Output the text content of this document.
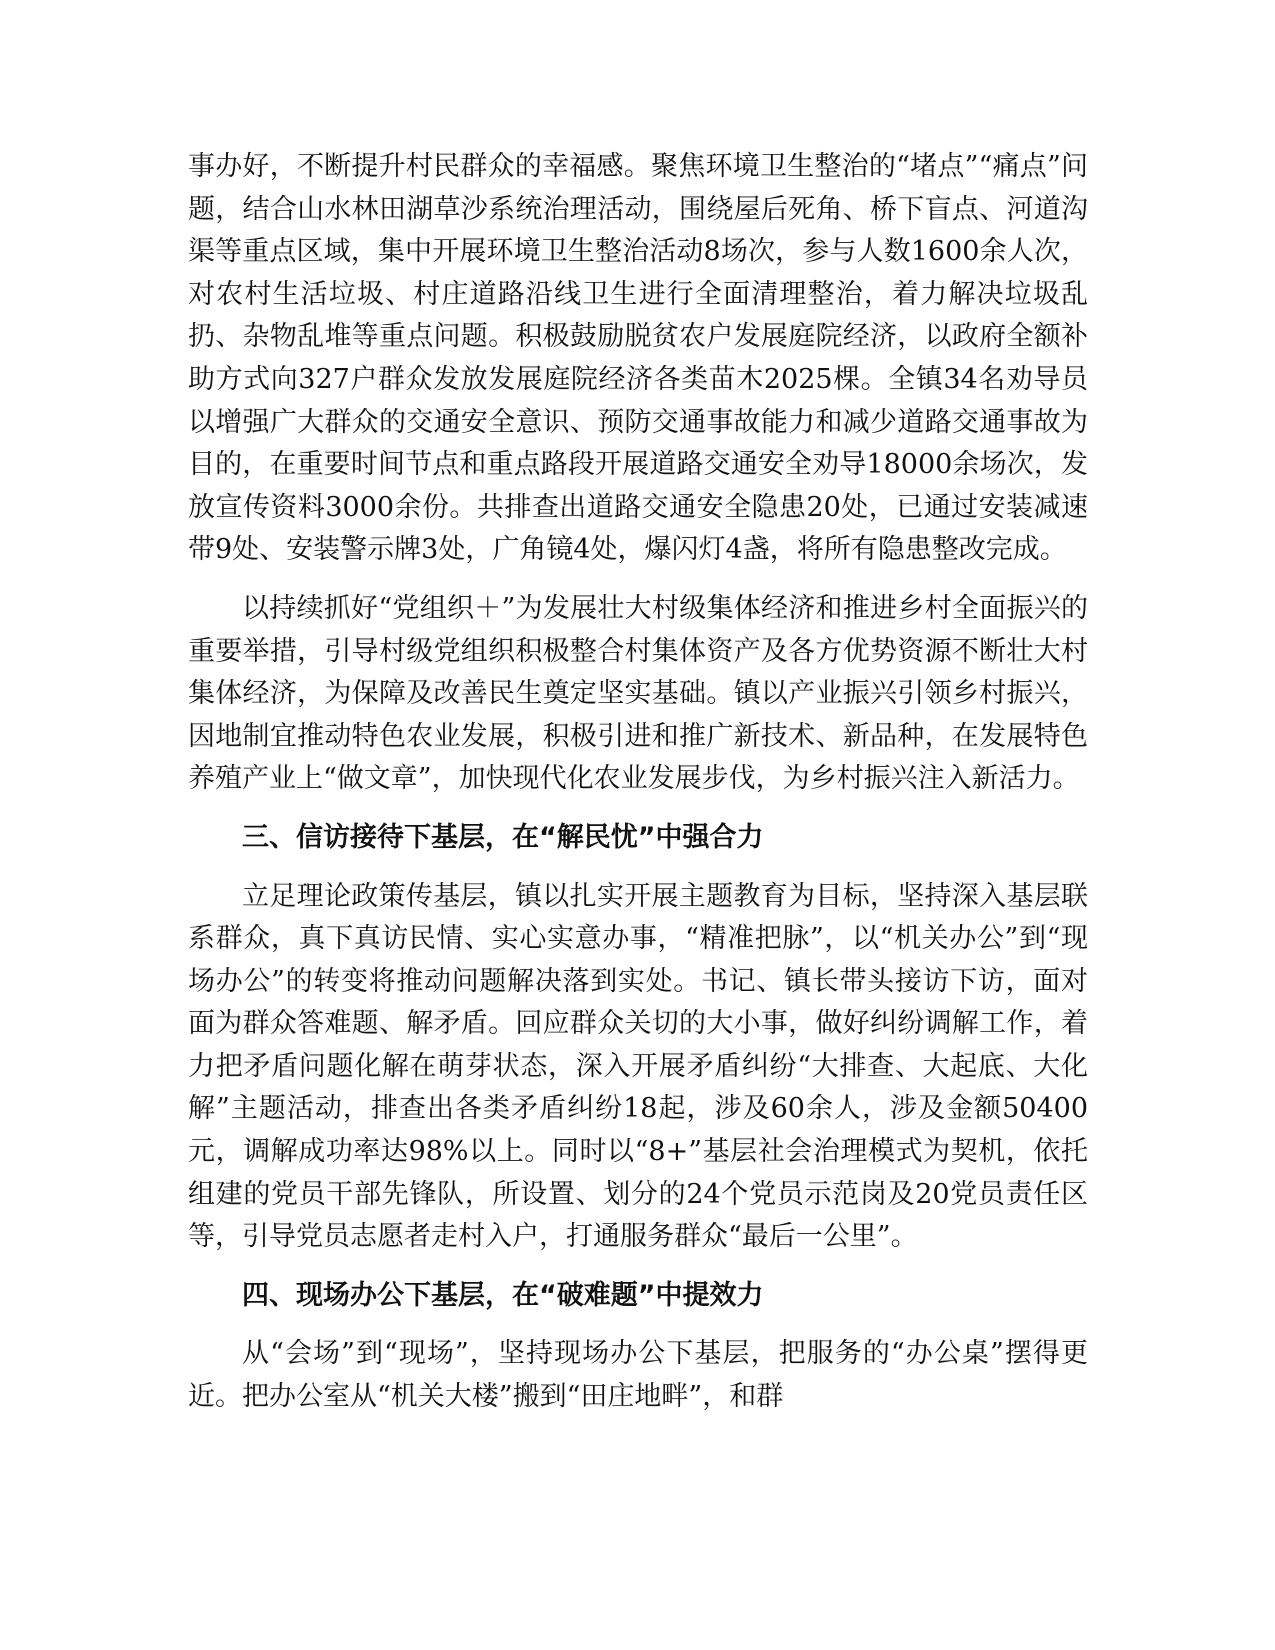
事办好，不断提升村民群众的幸福感。聚焦环境卫生整治的“堵点”“痛点”问题，结合山水林田湖草沙系统治理活动，围绕屋后死角、桥下盲点、河道沟渠等重点区域，集中开展环境卫生整治活动8场次，参与人数1600余人次，对农村生活垃圾、村庄道路沿线卫生进行全面清理整治，着力解决垃圾乱扔、杂物乱堆等重点问题。积极鼓励脱贫农户发展庭院经济，以政府全额补助方式向327户群众发放发展庭院经济各类苗木2025棵。全镇34名劝导员以增强广大群众的交通安全意识、预防交通事故能力和减少道路交通事故为目的，在重要时间节点和重点路段开展道路交通安全劝导18000余场次，发放宣传资料3000余份。共排查出道路交通安全隐患20处，已通过安装减速带9处、安装警示牌3处，广角镜4处，爆闪灯4盏，将所有隐患整改完成。

以持续抓好“党组织＋”为发展壮大村级集体经济和推进乡村全面振兴的重要举措，引导村级党组织积极整合村集体资产及各方优势资源不断壮大村集体经济，为保障及改善民生奠定坚实基础。镇以产业振兴引领乡村振兴，因地制宜推动特色农业发展，积极引进和推广新技术、新品种，在发展特色养殖产业上“做文章”，加快现代化农业发展步伐，为乡村振兴注入新活力。

三、信访接待下基层，在“解民忧”中强合力

立足理论政策传基层，镇以扎实开展主题教育为目标，坚持深入基层联系群众，真下真访民情、实心实意办事，“精准把脉”，以“机关办公”到“现场办公”的转变将推动问题解决落到实处。书记、镇长带头接访下访，面对面为群众答难题、解矛盾。回应群众关切的大小事，做好纠纷调解工作，着力把矛盾问题化解在萌芽状态，深入开展矛盾纠纷“大排查、大起底、大化解”主题活动，排查出各类矛盾纠纷18起，涉及60余人，涉及金额50400元，调解成功率达98%以上。同时以“8+”基层社会治理模式为契机，依托组建的党员干部先锋队，所设置、划分的24个党员示范岗及20党员责任区等，引导党员志愿者走村入户，打通服务群众“最后一公里”。

四、现场办公下基层，在“破难题”中提效力

从“会场”到“现场”，坚持现场办公下基层，把服务的“办公桌”摆得更近。把办公室从“机关大楼”搬到“田庄地畔”，和群
